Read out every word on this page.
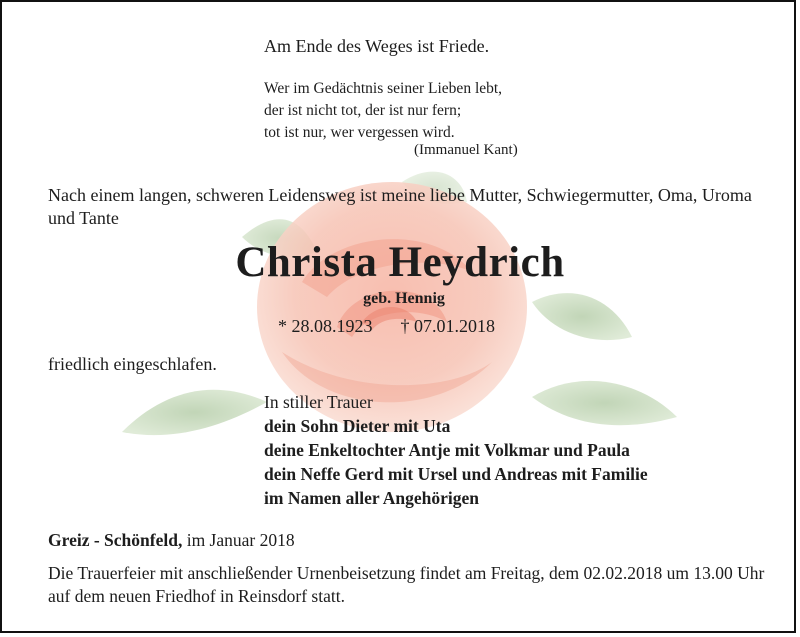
Am Ende des Weges ist Friede.
Wer im Gedächtnis seiner Lieben lebt,
der ist nicht tot, der ist nur fern;
tot ist nur, wer vergessen wird.
(Immanuel Kant)
Nach einem langen, schweren Leidensweg ist meine liebe Mutter, Schwiegermutter, Oma, Uroma und Tante
Christa Heydrich
geb. Hennig
* 28.08.1923 † 07.01.2018
friedlich eingeschlafen.
In stiller Trauer
dein Sohn Dieter mit Uta
deine Enkeltochter Antje mit Volkmar und Paula
dein Neffe Gerd mit Ursel und Andreas mit Familie
im Namen aller Angehörigen
Greiz - Schönfeld, im Januar 2018
Die Trauerfeier mit anschließender Urnenbeisetzung findet am Freitag, dem 02.02.2018 um 13.00 Uhr auf dem neuen Friedhof in Reinsdorf statt.
